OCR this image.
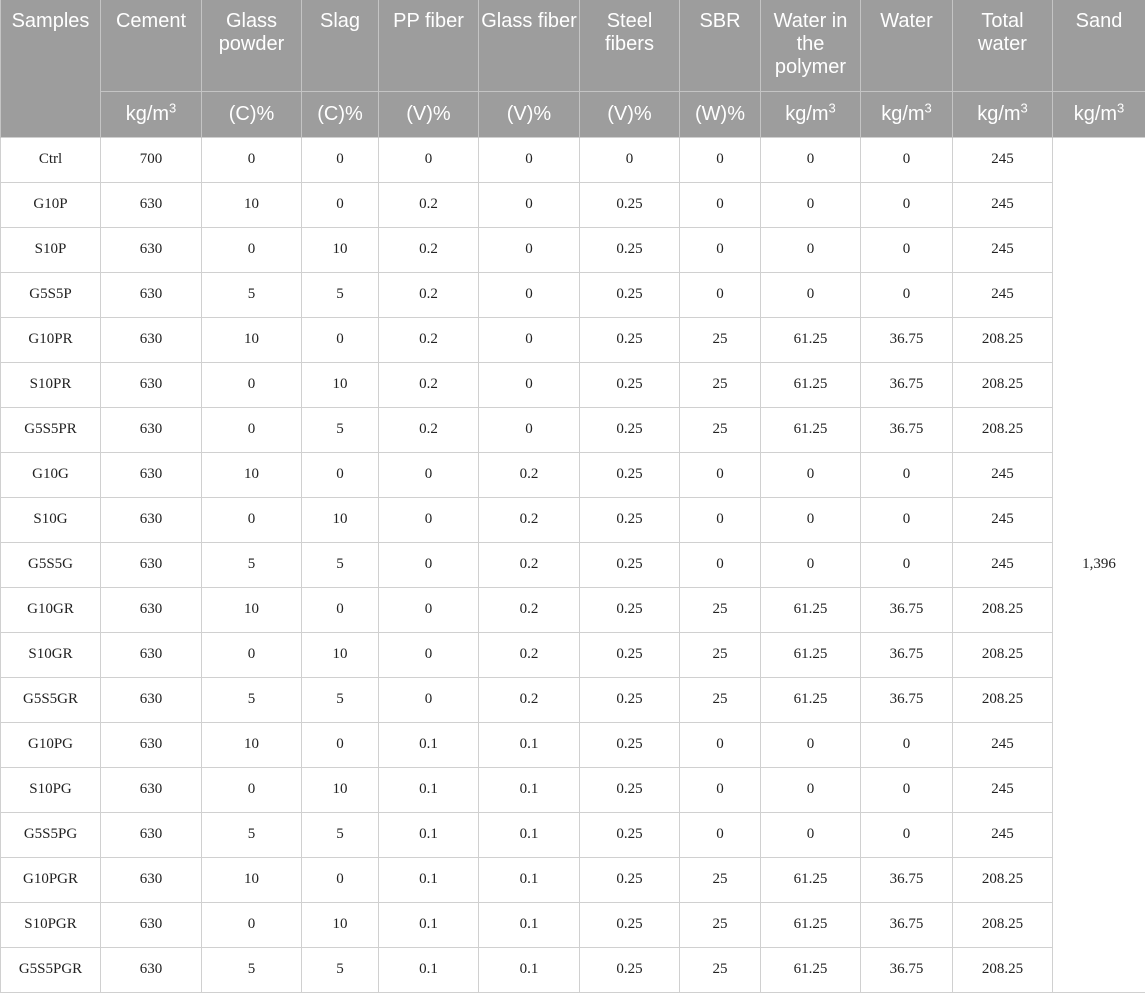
Samples	Cement	Glass powder	Slag	PP fiber	Glass fiber	Steel fibers	SBR	Water in the polymer	Water	Total water	Sand
	$kg/m^3$	(C)%	(C)%	(V)%	(V)%	(V)%	(W)%	$kg/m^3$	$kg/m^3$	$kg/m^3$	$kg/m^3$
Ctrl	700	0	0	0	0	0	0	0	0	245	1,396
G10P	630	10	0	0.2	0	0.25	0	0	0	245	
S10P	630	0	10	0.2	0	0.25	0	0	0	245	
G5S5P	630	5	5	0.2	0	0.25	0	0	0	245	
G10PR	630	10	0	0.2	0	0.25	25	61.25	36.75	208.25	
S10PR	630	0	10	0.2	0	0.25	25	61.25	36.75	208.25	
G5S5PR	630	0	5	0.2	0	0.25	25	61.25	36.75	208.25	
G10G	630	10	0	0	0.2	0.25	0	0	0	245	
S10G	630	0	10	0	0.2	0.25	0	0	0	245	
G5S5G	630	5	5	0	0.2	0.25	0	0	0	245	
G10GR	630	10	0	0	0.2	0.25	25	61.25	36.75	208.25	
S10GR	630	0	10	0	0.2	0.25	25	61.25	36.75	208.25	
G5S5GR	630	5	5	0	0.2	0.25	25	61.25	36.75	208.25	
G10PG	630	10	0	0.1	0.1	0.25	0	0	0	245	
S10PG	630	0	10	0.1	0.1	0.25	0	0	0	245	
G5S5PG	630	5	5	0.1	0.1	0.25	0	0	0	245	
G10PGR	630	10	0	0.1	0.1	0.25	25	61.25	36.75	208.25	
S10PGR	630	0	10	0.1	0.1	0.25	25	61.25	36.75	208.25	
G5S5PGR	630	5	5	0.1	0.1	0.25	25	61.25	36.75	208.25	
